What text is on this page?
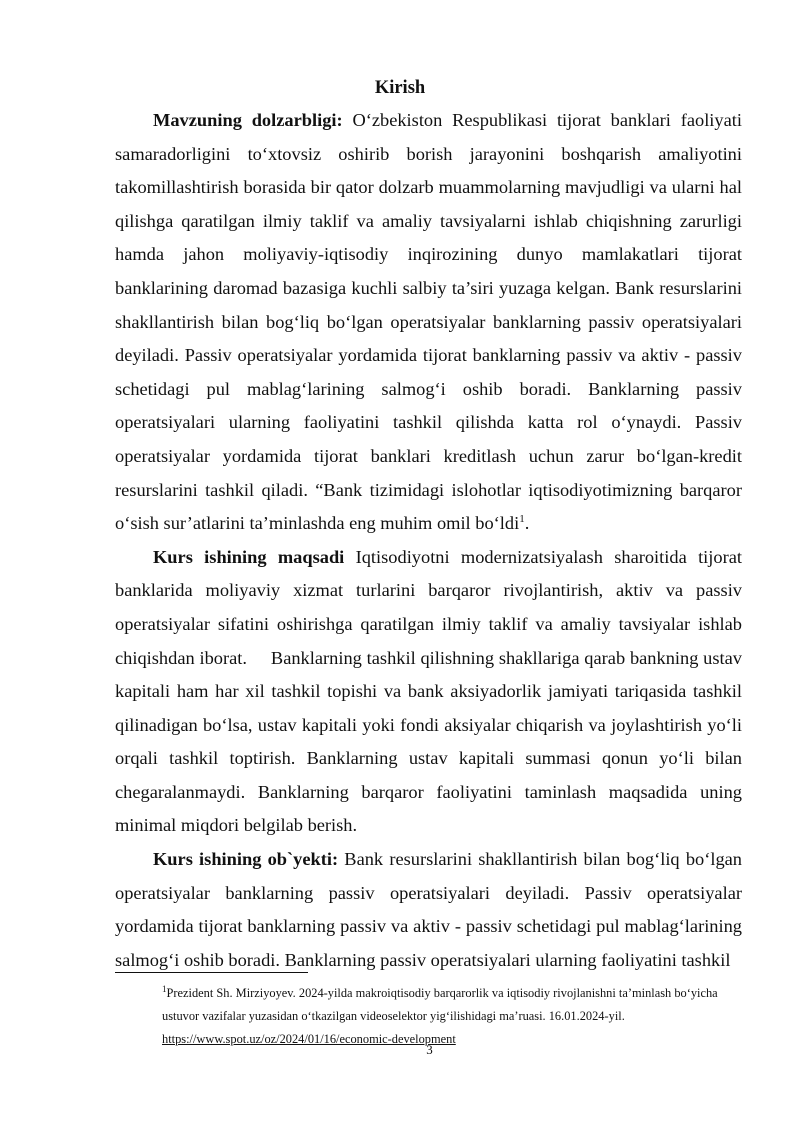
Kirish

Mavzuning dolzarbligi: O‘zbekiston Respublikasi tijorat banklari faoliyati samaradorligini to‘xtovsiz oshirib borish jarayonini boshqarish amaliyotini takomillashtirish borasida bir qator dolzarb muammolarning mavjudligi va ularni hal qilishga qaratilgan ilmiy taklif va amaliy tavsiyalarni ishlab chiqishning zarurligi hamda jahon moliyaviy-iqtisodiy inqirozining dunyo mamlakatlari tijorat banklarining daromad bazasiga kuchli salbiy ta’siri yuzaga kelgan. Bank resurslarini shakllantirish bilan bog‘liq bo‘lgan operatsiyalar banklarning passiv operatsiyalari deyiladi. Passiv operatsiyalar yordamida tijorat banklarning passiv va aktiv - passiv schetidagi pul mablag‘larining salmog‘i oshib boradi. Banklarning passiv operatsiyalari ularning faoliyatini tashkil qilishda katta rol o‘ynaydi. Passiv operatsiyalar yordamida tijorat banklari kreditlash uchun zarur bo‘lgan-kredit resurslarini tashkil qiladi. “Bank tizimidagi islohotlar iqtisodiyotimizning barqaror o‘sish sur’atlarini ta’minlashda eng muhim omil bo‘ldi$^1$.

Kurs ishining maqsadi Iqtisodiyotni modernizatsiyalash sharoitida tijorat banklarida moliyaviy xizmat turlarini barqaror rivojlantirish, aktiv va passiv operatsiyalar sifatini oshirishga qaratilgan ilmiy taklif va amaliy tavsiyalar ishlab chiqishdan iborat.     Banklarning tashkil qilishning shakllariga qarab bankning ustav kapitali ham har xil tashkil topishi va bank aksiyadorlik jamiyati tariqasida tashkil qilinadigan bo‘lsa, ustav kapitali yoki fondi aksiyalar chiqarish va joylashtirish yo‘li orqali tashkil toptirish. Banklarning ustav kapitali summasi qonun yo‘li bilan chegaralanmaydi. Banklarning barqaror faoliyatini taminlash maqsadida uning minimal miqdori belgilab berish.

Kurs ishining ob`yekti: Bank resurslarini shakllantirish bilan bog‘liq bo‘lgan operatsiyalar banklarning passiv operatsiyalari deyiladi. Passiv operatsiyalar yordamida tijorat banklarning passiv va aktiv - passiv schetidagi pul mablag‘larining salmog‘i oshib boradi. Banklarning passiv operatsiyalari ularning faoliyatini tashkil

$^1$Prezident Sh. Mirziyoyev. 2024-yilda makroiqtisodiy barqarorlik va iqtisodiy rivojlanishni ta’minlash bo‘yicha ustuvor vazifalar yuzasidan o‘tkazilgan videoselektor yig‘ilishidagi ma’ruasi. 16.01.2024-yil.

https://www.spot.uz/oz/2024/01/16/economic-development

3
